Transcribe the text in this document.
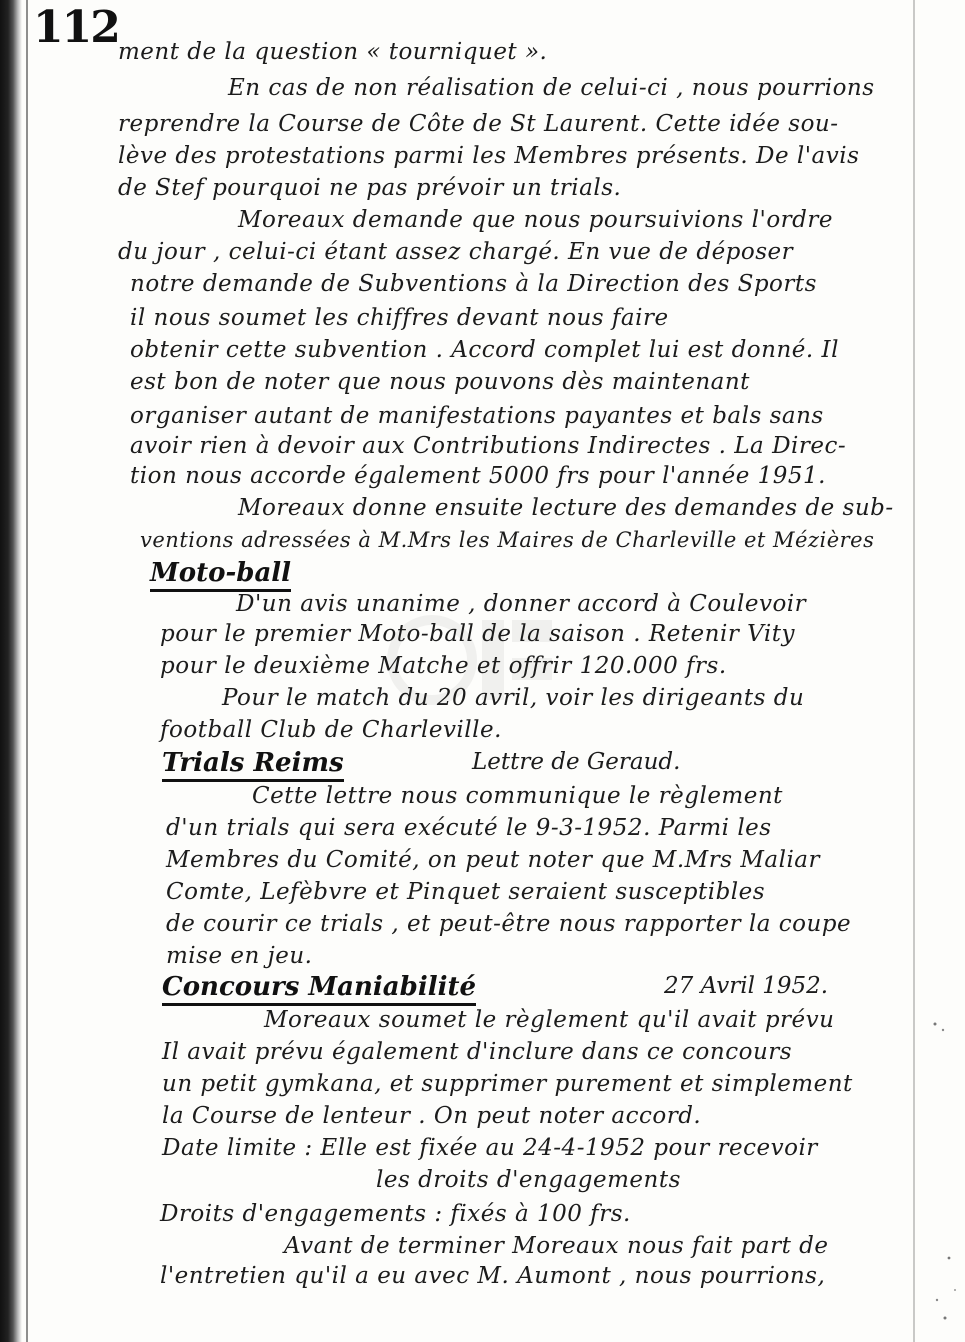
112 ment de la question « tourniquet ».
En cas de non réalisation de celui-ci , nous pourrions
reprendre la Course de Côte de St Laurent. Cette idée sou-
lève des protestations parmi les Membres présents. De l'avis
de Stef pourquoi ne pas prévoir un trials.
Moreaux demande que nous poursuivions l'ordre
du jour , celui-ci étant assez chargé. En vue de déposer
notre demande de Subventions à la Direction des Sports
il nous soumet les chiffres devant nous faire
obtenir cette subvention . Accord complet lui est donné. Il
est bon de noter que nous pouvons dès maintenant
organiser autant de manifestations payantes et bals sans
avoir rien à devoir aux Contributions Indirectes . La Direc-
tion nous accorde également 5000 frs pour l'année 1951.
Moreaux donne ensuite lecture des demandes de sub-
ventions adressées à M.Mrs les Maires de Charleville et Mézières
Moto-ball
D'un avis unanime , donner accord à Coulevoir
pour le premier Moto-ball de la saison . Retenir Vity
pour le deuxième Matche et offrir 120.000 frs.
Pour le match du 20 avril, voir les dirigeants du
football Club de Charleville.
Trials Reims	Lettre de Geraud.
Cette lettre nous communique le règlement
d'un trials qui sera exécuté le 9-3-1952. Parmi les
Membres du Comité, on peut noter que M.Mrs Maliar
Comte, Lefèbvre et Pinquet seraient susceptibles
de courir ce trials , et peut-être nous rapporter la coupe
mise en jeu.
Concours Maniabilité	27 Avril 1952.
Moreaux soumet le règlement qu'il avait prévu
Il avait prévu également d'inclure dans ce concours
un petit gymkana, et supprimer purement et simplement
la Course de lenteur . On peut noter accord.
Date limite : Elle est fixée au 24-4-1952 pour recevoir
les droits d'engagements
Droits d'engagements : fixés à 100 frs.
Avant de terminer Moreaux nous fait part de
l'entretien qu'il a eu avec M. Aumont , nous pourrions,
